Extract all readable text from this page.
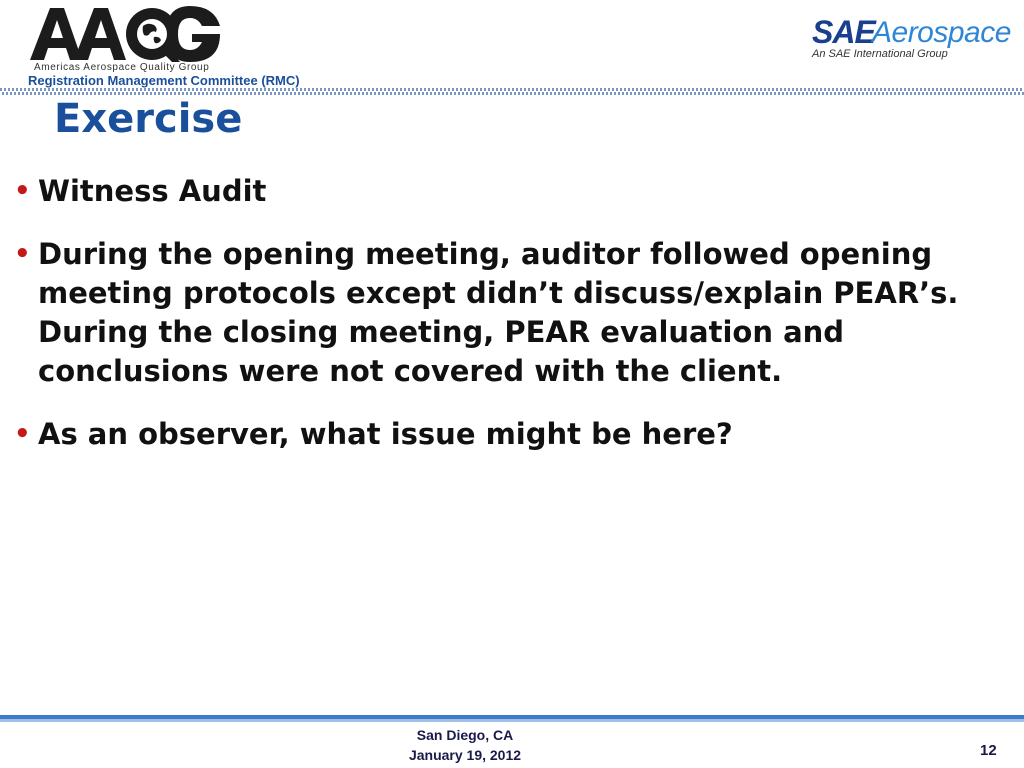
Americas Aerospace Quality Group
Registration Management Committee (RMC)
SAE
Aerospace
An SAE International Group
Exercise
• Witness Audit
• During the opening meeting, auditor followed opening meeting protocols except didn’t discuss/explain PEAR’s. During the closing meeting, PEAR evaluation and conclusions were not covered with the client.
• As an observer, what issue might be here?
San Diego, CA
January 19, 2012	12
